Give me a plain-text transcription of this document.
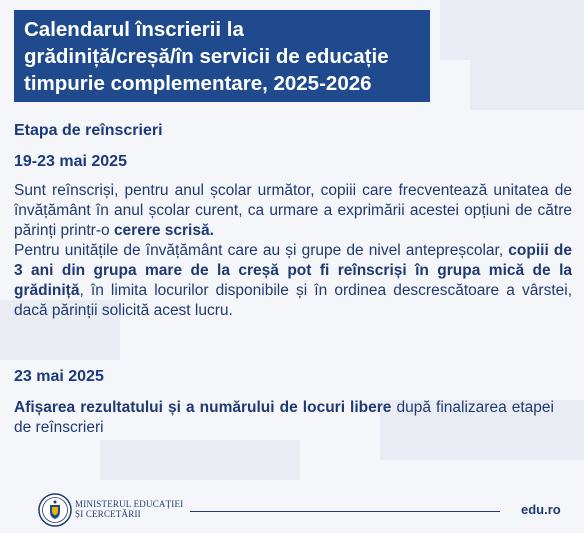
Calendarul înscrierii la
grădiniță/creșă/în servicii de educație
timpurie complementare, 2025-2026
Etapa de reînscrieri
19-23 mai 2025
Sunt reînscriși, pentru anul școlar următor, copiii care frecventează unitatea de învățământ în anul școlar curent, ca urmare a exprimării acestei opțiuni de către părinți printr-o cerere scrisă.
Pentru unitățile de învățământ care au și grupe de nivel antepreșcolar, copiii de 3 ani din grupa mare de la creșă pot fi reînscriși în grupa mică de la grădiniță, în limita locurilor disponibile și în ordinea descrescătoare a vârstei, dacă părinții solicită acest lucru.
23 mai 2025
Afișarea rezultatului și a numărului de locuri libere după finalizarea etapei de reînscrieri
MINISTERUL EDUCAȚIEI
ȘI CERCETĂRII	edu.ro
